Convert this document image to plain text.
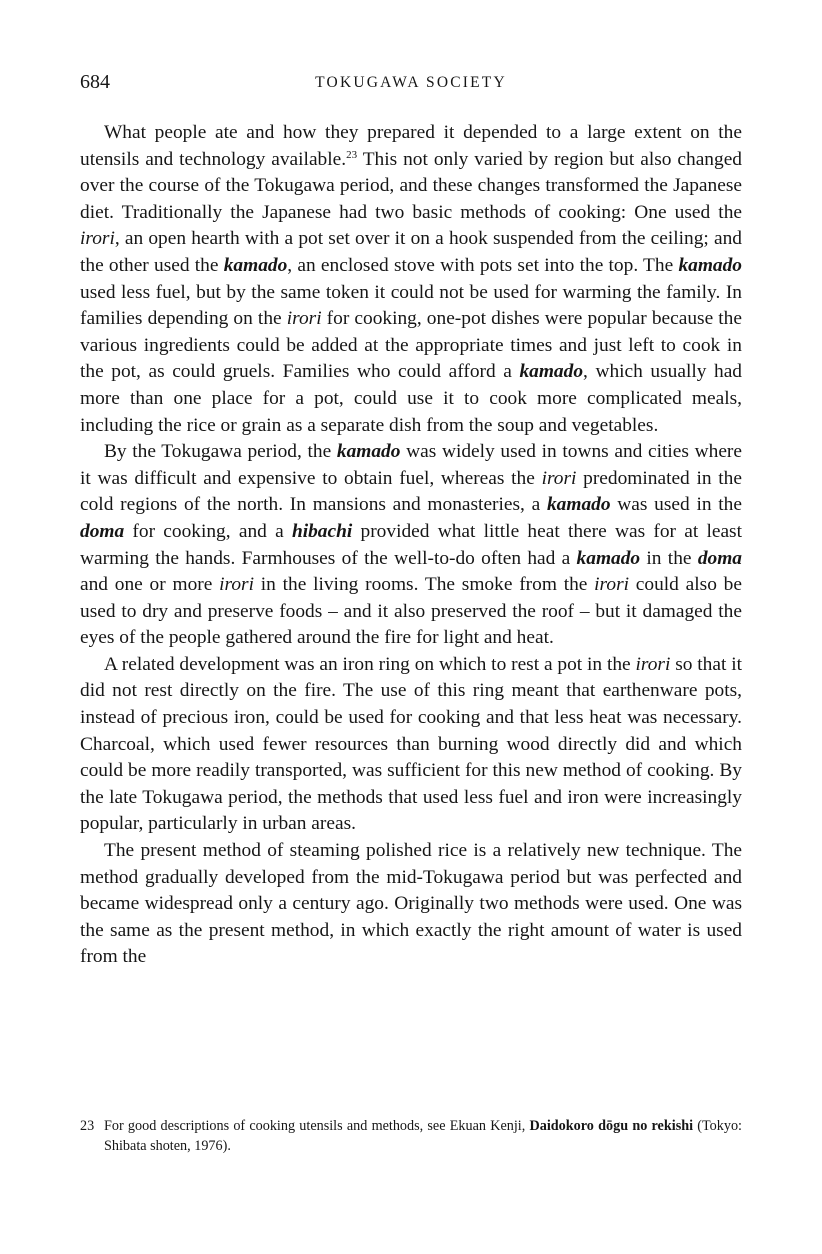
684	TOKUGAWA SOCIETY

What people ate and how they prepared it depended to a large extent on the utensils and technology available.$^{23}$ This not only varied by region but also changed over the course of the Tokugawa period, and these changes transformed the Japanese diet. Traditionally the Japanese had two basic methods of cooking: One used the irori, an open hearth with a pot set over it on a hook suspended from the ceiling; and the other used the kamado, an enclosed stove with pots set into the top. The kamado used less fuel, but by the same token it could not be used for warming the family. In families depending on the irori for cooking, one-pot dishes were popular because the various ingredients could be added at the appropriate times and just left to cook in the pot, as could gruels. Families who could afford a kamado, which usually had more than one place for a pot, could use it to cook more complicated meals, including the rice or grain as a separate dish from the soup and vegetables.

By the Tokugawa period, the kamado was widely used in towns and cities where it was difficult and expensive to obtain fuel, whereas the irori predominated in the cold regions of the north. In mansions and monasteries, a kamado was used in the doma for cooking, and a hibachi provided what little heat there was for at least warming the hands. Farmhouses of the well-to-do often had a kamado in the doma and one or more irori in the living rooms. The smoke from the irori could also be used to dry and preserve foods – and it also preserved the roof – but it damaged the eyes of the people gathered around the fire for light and heat.

A related development was an iron ring on which to rest a pot in the irori so that it did not rest directly on the fire. The use of this ring meant that earthenware pots, instead of precious iron, could be used for cooking and that less heat was necessary. Charcoal, which used fewer resources than burning wood directly did and which could be more readily transported, was sufficient for this new method of cooking. By the late Tokugawa period, the methods that used less fuel and iron were increasingly popular, particularly in urban areas.

The present method of steaming polished rice is a relatively new technique. The method gradually developed from the mid-Tokugawa period but was perfected and became widespread only a century ago. Originally two methods were used. One was the same as the present method, in which exactly the right amount of water is used from the

23 For good descriptions of cooking utensils and methods, see Ekuan Kenji, Daidokoro dōgu no rekishi (Tokyo: Shibata shoten, 1976).
